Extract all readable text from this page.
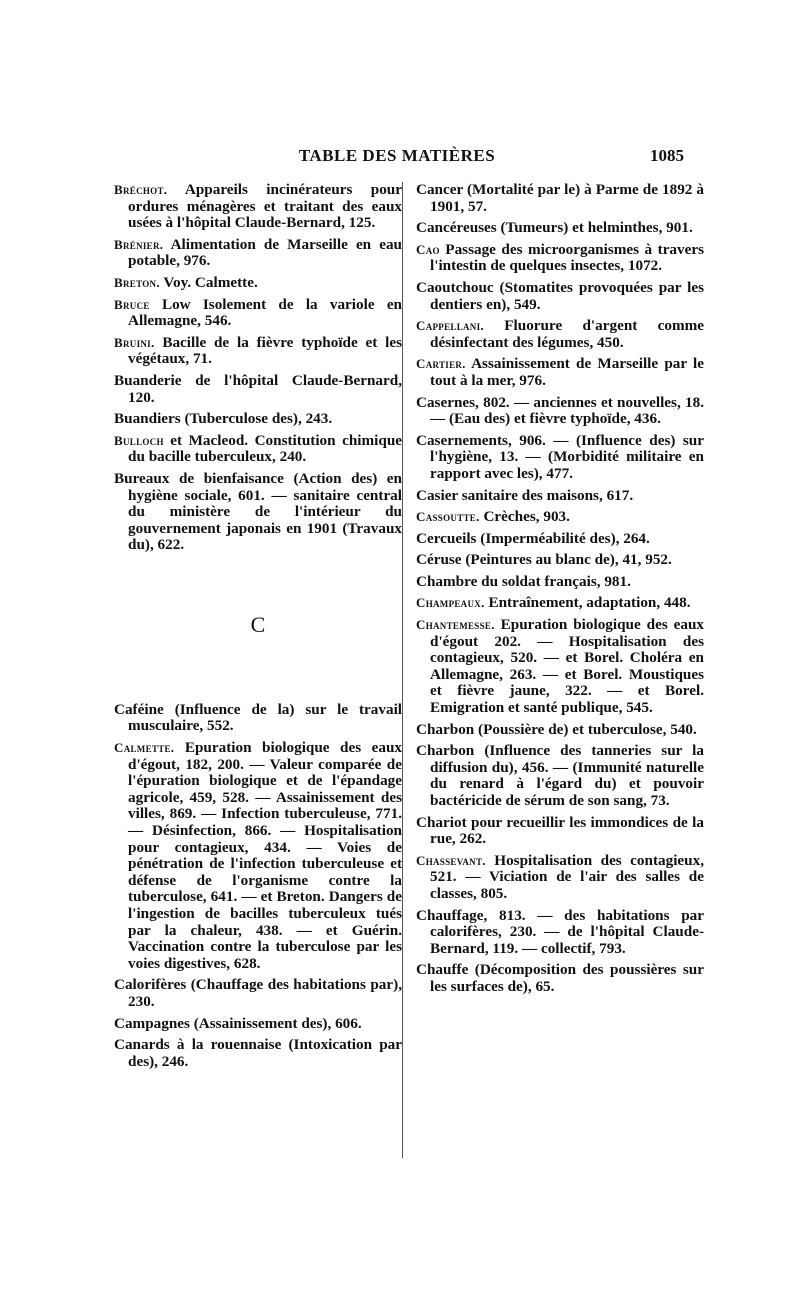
TABLE DES MATIÈRES	1085

Bréchot. Appareils incinérateurs pour ordures ménagères et traitant des eaux usées à l'hôpital Claude-Bernard, 125.

Brénier. Alimentation de Marseille en eau potable, 976.

Breton. Voy. Calmette.

Bruce Low Isolement de la variole en Allemagne, 546.

Bruini. Bacille de la fièvre typhoïde et les végétaux, 71.

Buanderie de l'hôpital Claude-Bernard, 120.

Buandiers (Tuberculose des), 243.

Bulloch et Macleod. Constitution chimique du bacille tuberculeux, 240.

Bureaux de bienfaisance (Action des) en hygiène sociale, 601. — sanitaire central du ministère de l'intérieur du gouvernement japonais en 1901 (Travaux du), 622.

C

Caféine (Influence de la) sur le travail musculaire, 552.

Calmette. Epuration biologique des eaux d'égout, 182, 200. — Valeur comparée de l'épuration biologique et de l'épandage agricole, 459, 528. — Assainissement des villes, 869. — Infection tuberculeuse, 771. — Désinfection, 866. — Hospitalisation pour contagieux, 434. — Voies de pénétration de l'infection tuberculeuse et défense de l'organisme contre la tuberculose, 641. — et Breton. Dangers de l'ingestion de bacilles tuberculeux tués par la chaleur, 438. — et Guérin. Vaccination contre la tuberculose par les voies digestives, 628.

Calorifères (Chauffage des habitations par), 230.

Campagnes (Assainissement des), 606.

Canards à la rouennaise (Intoxication par des), 246.

Cancer (Mortalité par le) à Parme de 1892 à 1901, 57.

Cancéreuses (Tumeurs) et helminthes, 901.

Cao Passage des microorganismes à travers l'intestin de quelques insectes, 1072.

Caoutchouc (Stomatites provoquées par les dentiers en), 549.

Cappellani. Fluorure d'argent comme désinfectant des légumes, 450.

Cartier. Assainissement de Marseille par le tout à la mer, 976.

Casernes, 802. — anciennes et nouvelles, 18. — (Eau des) et fièvre typhoïde, 436.

Casernements, 906. — (Influence des) sur l'hygiène, 13. — (Morbidité militaire en rapport avec les), 477.

Casier sanitaire des maisons, 617.

Cassoutte. Crèches, 903.

Cercueils (Imperméabilité des), 264.

Céruse (Peintures au blanc de), 41, 952.

Chambre du soldat français, 981.

Champeaux. Entraînement, adaptation, 448.

Chantemesse. Epuration biologique des eaux d'égout 202. — Hospitalisation des contagieux, 520. — et Borel. Choléra en Allemagne, 263. — et Borel. Moustiques et fièvre jaune, 322. — et Borel. Emigration et santé publique, 545.

Charbon (Poussière de) et tuberculose, 540.

Charbon (Influence des tanneries sur la diffusion du), 456. — (Immunité naturelle du renard à l'égard du) et pouvoir bactéricide de sérum de son sang, 73.

Chariot pour recueillir les immondices de la rue, 262.

Chassevant. Hospitalisation des contagieux, 521. — Viciation de l'air des salles de classes, 805.

Chauffage, 813. — des habitations par calorifères, 230. — de l'hôpital Claude-Bernard, 119. — collectif, 793.

Chauffe (Décomposition des poussières sur les surfaces de), 65.
